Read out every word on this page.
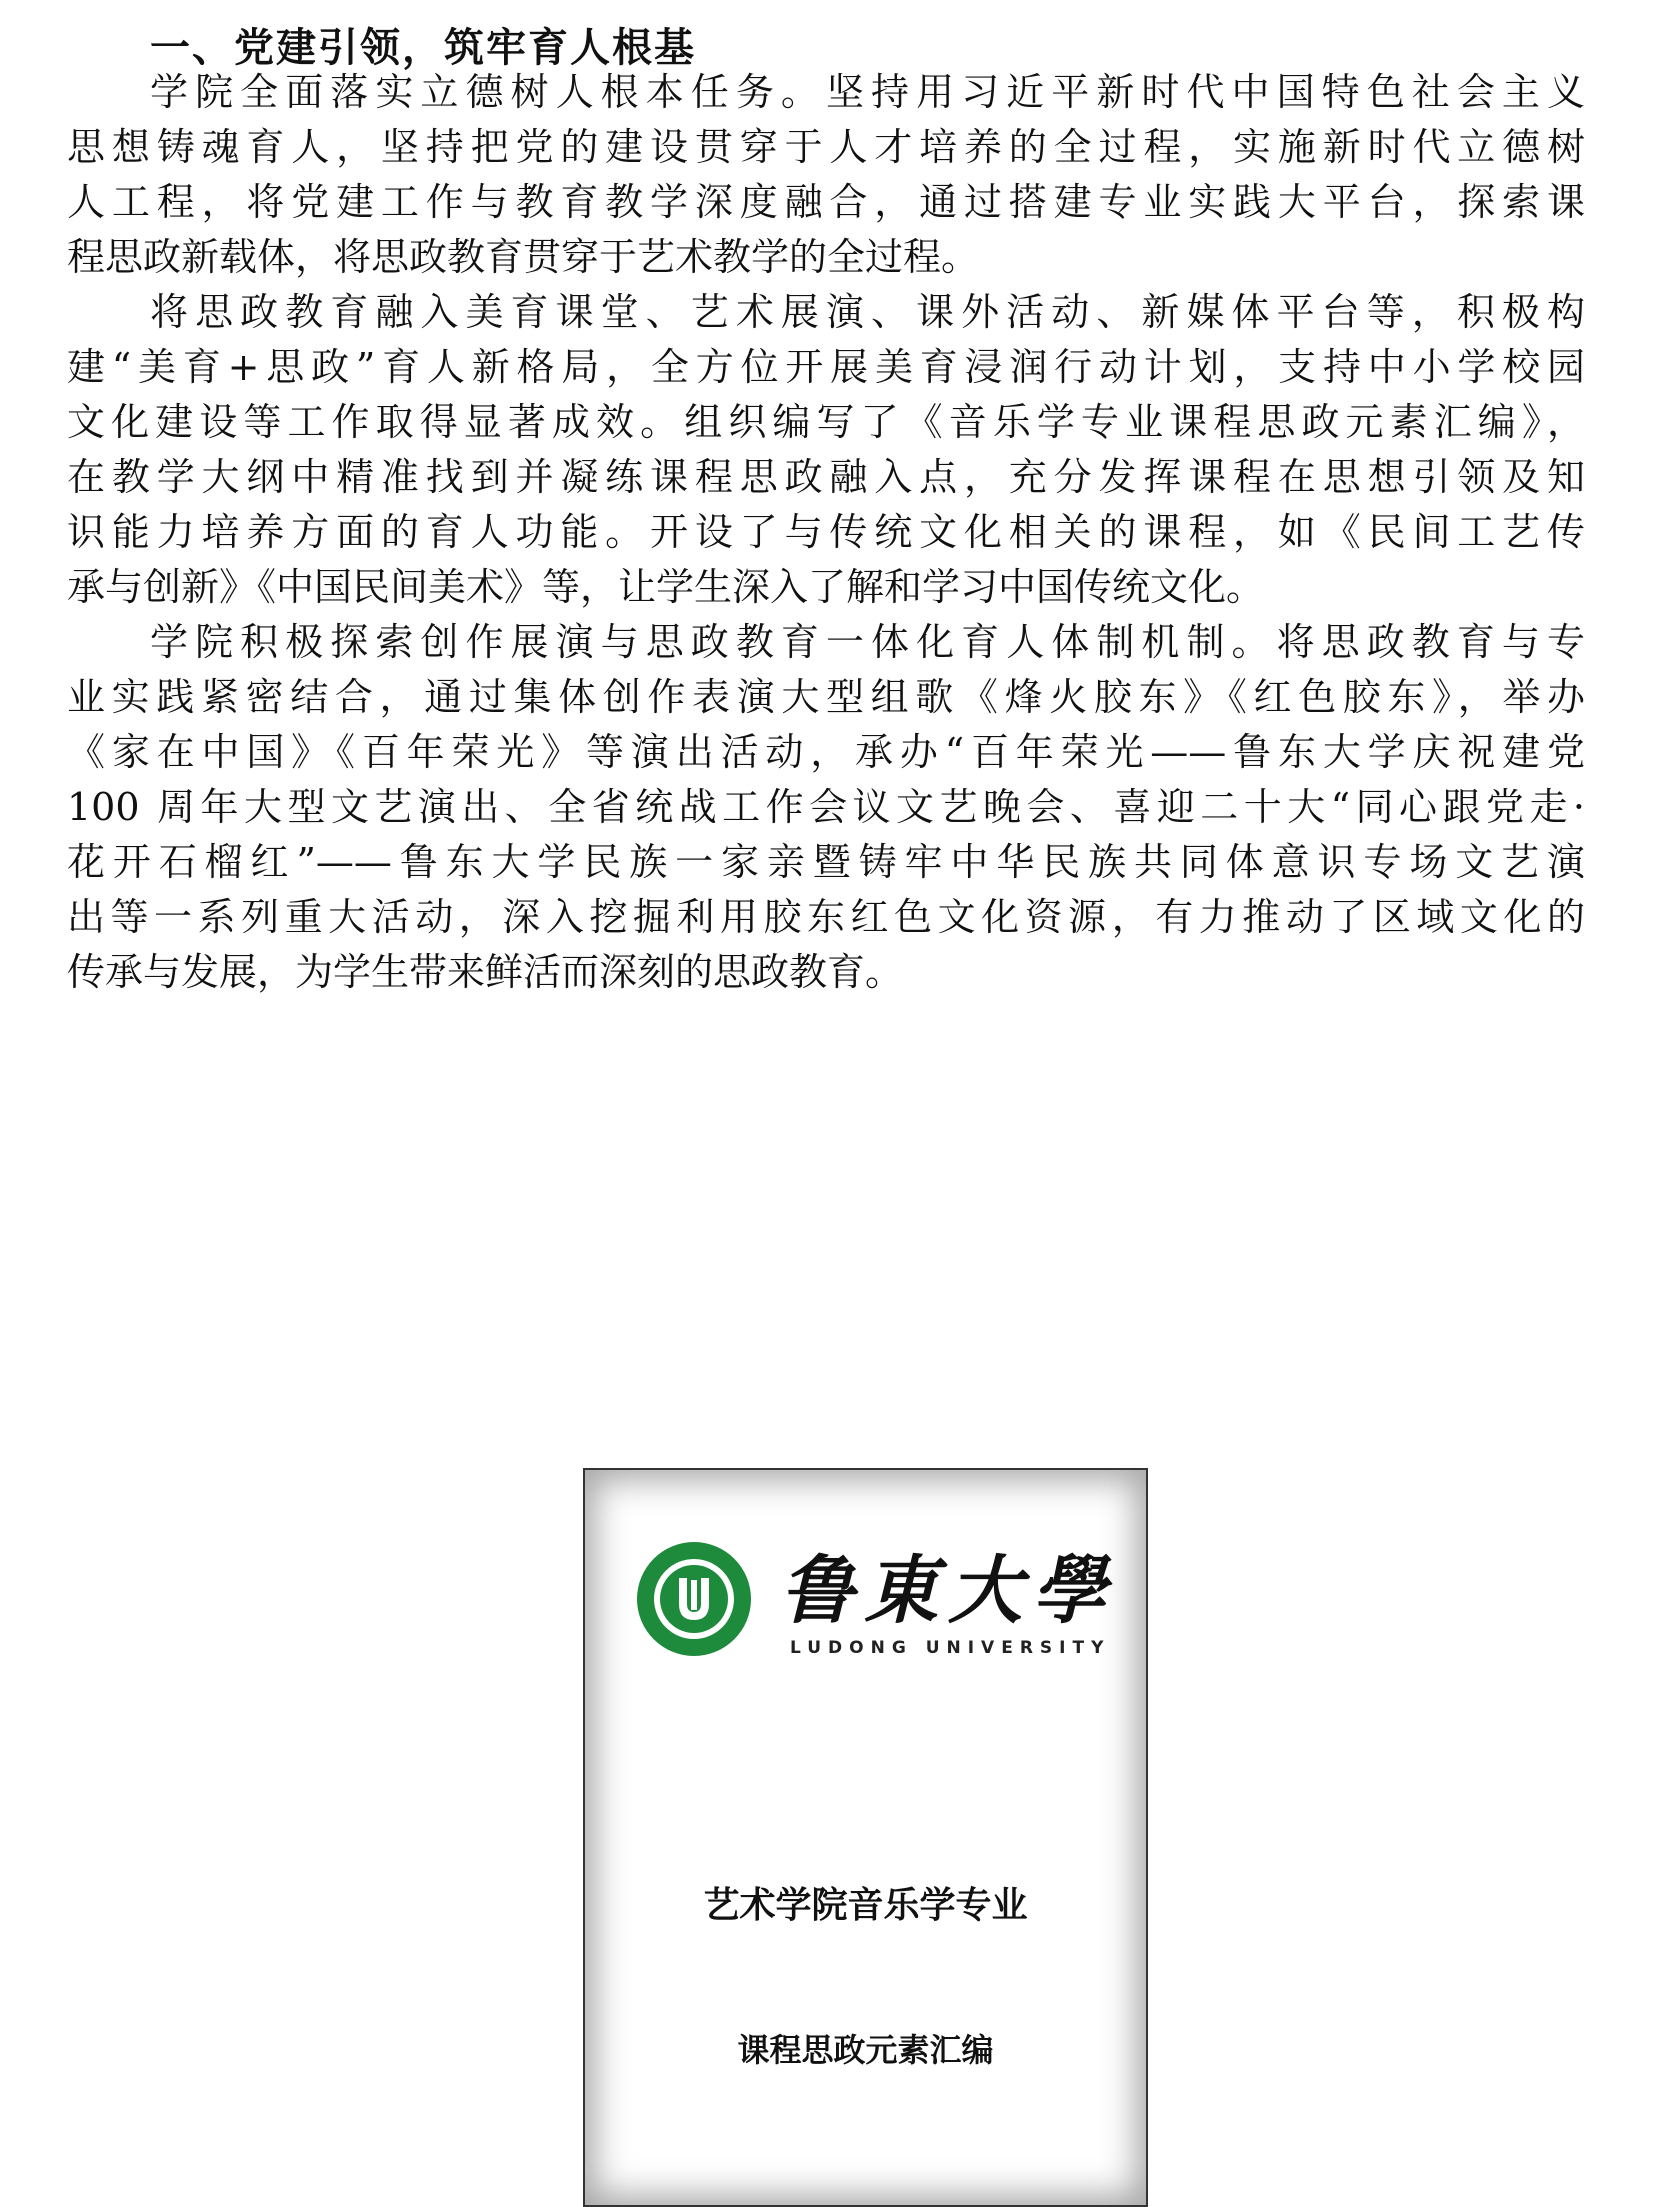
一、党建引领，筑牢育人根基
学院全面落实立德树人根本任务。坚持用习近平新时代中国特色社会主义
思想铸魂育人，坚持把党的建设贯穿于人才培养的全过程，实施新时代立德树
人工程，将党建工作与教育教学深度融合，通过搭建专业实践大平台，探索课
程思政新载体，将思政教育贯穿于艺术教学的全过程。
将思政教育融入美育课堂、艺术展演、课外活动、新媒体平台等，积极构
建“美育+思政”育人新格局，全方位开展美育浸润行动计划，支持中小学校园
文化建设等工作取得显著成效。组织编写了《音乐学专业课程思政元素汇编》，
在教学大纲中精准找到并凝练课程思政融入点，充分发挥课程在思想引领及知
识能力培养方面的育人功能。开设了与传统文化相关的课程，如《民间工艺传
承与创新》《中国民间美术》等，让学生深入了解和学习中国传统文化。
学院积极探索创作展演与思政教育一体化育人体制机制。将思政教育与专
业实践紧密结合，通过集体创作表演大型组歌《烽火胶东》《红色胶东》，举办
《家在中国》《百年荣光》等演出活动，承办“百年荣光——鲁东大学庆祝建党
100 周年大型文艺演出、全省统战工作会议文艺晚会、喜迎二十大“同心跟党走·
花开石榴红”——鲁东大学民族一家亲暨铸牢中华民族共同体意识专场文艺演
出等一系列重大活动，深入挖掘利用胶东红色文化资源，有力推动了区域文化的
传承与发展，为学生带来鲜活而深刻的思政教育。
鲁東大學
LUDONG UNIVERSITY
艺术学院音乐学专业
课程思政元素汇编
